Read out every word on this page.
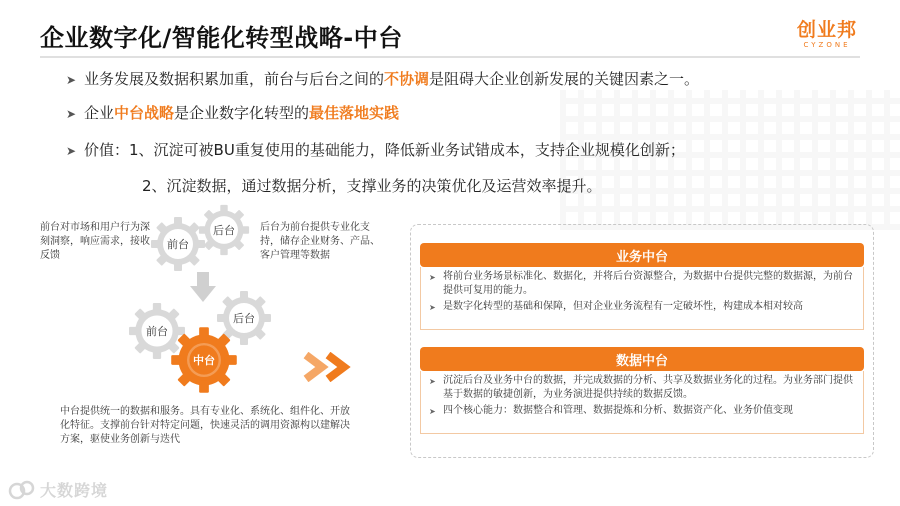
企业数字化/智能化转型战略-中台	创业邦
CYZONE
➤ 业务发展及数据积累加重，前台与后台之间的不协调是阻碍大企业创新发展的关键因素之一。
➤ 企业中台战略是企业数字化转型的最佳落地实践
➤ 价值：1、沉淀可被BU重复使用的基础能力，降低新业务试错成本，支持企业规模化创新；
2、沉淀数据，通过数据分析，支撑业务的决策优化及运营效率提升。
前台对市场和用户行为深刻洞察，响应需求，接收反馈
后台为前台提供专业化支持，储存企业财务、产品、客户管理等数据
中台提供统一的数据和服务。具有专业化、系统化、组件化、开放化特征。支撑前台针对特定问题，快速灵活的调用资源构以建解决方案，驱使业务创新与迭代
前台
后台
前台
后台
中台
业务中台
➤ 将前台业务场景标准化、数据化，并将后台资源整合，为数据中台提供完整的数据源，为前台提供可复用的能力。
➤ 是数字化转型的基础和保障，但对企业业务流程有一定破坏性，构建成本相对较高
数据中台
➤ 沉淀后台及业务中台的数据，并完成数据的分析、共享及数据业务化的过程。为业务部门提供基于数据的敏捷创新，为业务演进提供持续的数据反馈。
➤ 四个核心能力：数据整合和管理、数据提炼和分析、数据资产化、业务价值变现
大数跨境
